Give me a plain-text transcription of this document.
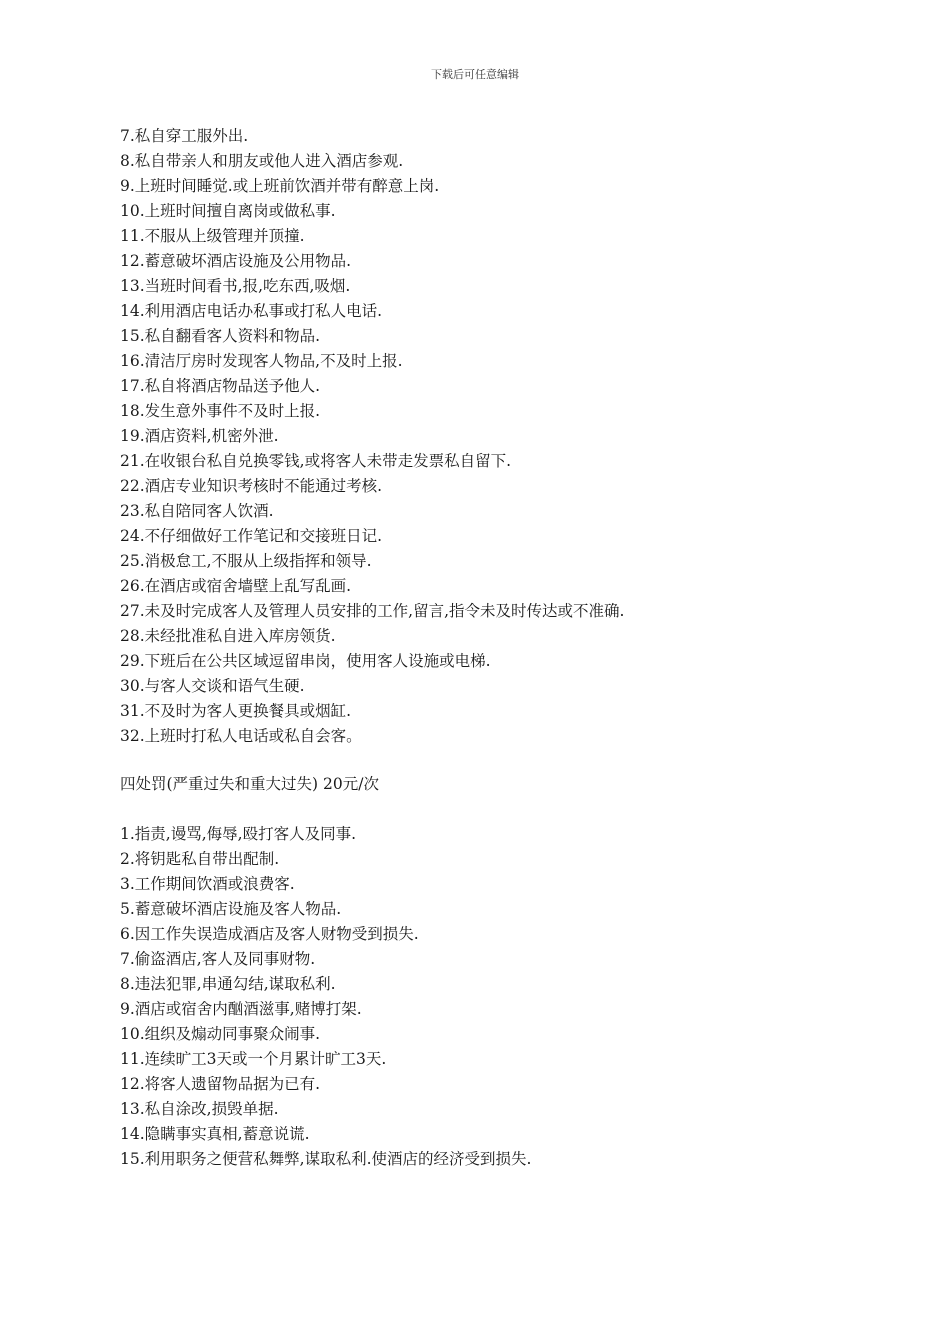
下载后可任意编辑
7.私自穿工服外出.
8.私自带亲人和朋友或他人进入酒店参观.
9.上班时间睡觉.或上班前饮酒并带有醉意上岗.
10.上班时间擅自离岗或做私事.
11.不服从上级管理并顶撞.
12.蓄意破坏酒店设施及公用物品.
13.当班时间看书,报,吃东西,吸烟.
14.利用酒店电话办私事或打私人电话.
15.私自翻看客人资料和物品.
16.清洁厅房时发现客人物品,不及时上报.
17.私自将酒店物品送予他人.
18.发生意外事件不及时上报.
19.酒店资料,机密外泄.
21.在收银台私自兑换零钱,或将客人未带走发票私自留下.
22.酒店专业知识考核时不能通过考核.
23.私自陪同客人饮酒.
24.不仔细做好工作笔记和交接班日记.
25.消极怠工,不服从上级指挥和领导.
26.在酒店或宿舍墙壁上乱写乱画.
27.未及时完成客人及管理人员安排的工作,留言,指令未及时传达或不准确.
28.未经批准私自进入库房领货.
29.下班后在公共区域逗留串岗，使用客人设施或电梯.
30.与客人交谈和语气生硬.
31.不及时为客人更换餐具或烟缸.
32.上班时打私人电话或私自会客。
四处罚(严重过失和重大过失) 20元/次
1.指责,谩骂,侮辱,殴打客人及同事.
2.将钥匙私自带出配制.
3.工作期间饮酒或浪费客.
5.蓄意破坏酒店设施及客人物品.
6.因工作失误造成酒店及客人财物受到损失.
7.偷盗酒店,客人及同事财物.
8.违法犯罪,串通勾结,谋取私利.
9.酒店或宿舍内酗酒滋事,赌博打架.
10.组织及煽动同事聚众闹事.
11.连续旷工3天或一个月累计旷工3天.
12.将客人遗留物品据为已有.
13.私自涂改,损毁单据.
14.隐瞒事实真相,蓄意说谎.
15.利用职务之便营私舞弊,谋取私利.使酒店的经济受到损失.
